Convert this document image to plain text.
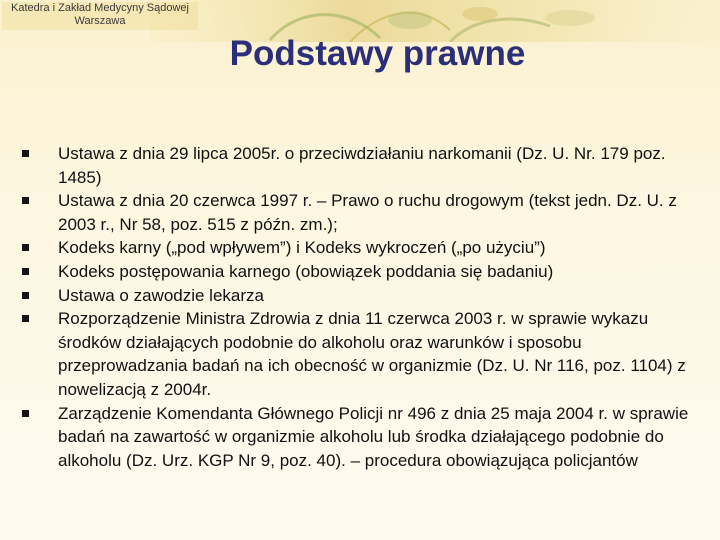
Katedra i Zakład Medycyny Sądowej
Warszawa
Podstawy prawne
Ustawa z dnia 29 lipca 2005r. o przeciwdziałaniu narkomanii (Dz. U. Nr. 179 poz. 1485)
Ustawa z dnia 20 czerwca 1997 r. – Prawo o ruchu drogowym (tekst jedn. Dz. U. z 2003 r., Nr 58, poz. 515 z późn. zm.);
Kodeks karny („pod wpływem”) i Kodeks wykroczeń („po użyciu”)
Kodeks postępowania karnego (obowiązek poddania się badaniu)
Ustawa o zawodzie lekarza
Rozporządzenie Ministra Zdrowia z dnia 11 czerwca 2003 r. w sprawie wykazu środków działających podobnie do alkoholu oraz warunków i sposobu przeprowadzania badań na ich obecność w organizmie (Dz. U. Nr 116, poz. 1104) z nowelizacją z 2004r.
Zarządzenie Komendanta Głównego Policji nr 496 z dnia 25 maja 2004 r. w sprawie badań na zawartość w organizmie alkoholu lub środka działającego podobnie do alkoholu (Dz. Urz. KGP Nr 9, poz. 40). – procedura obowiązująca policjantów
